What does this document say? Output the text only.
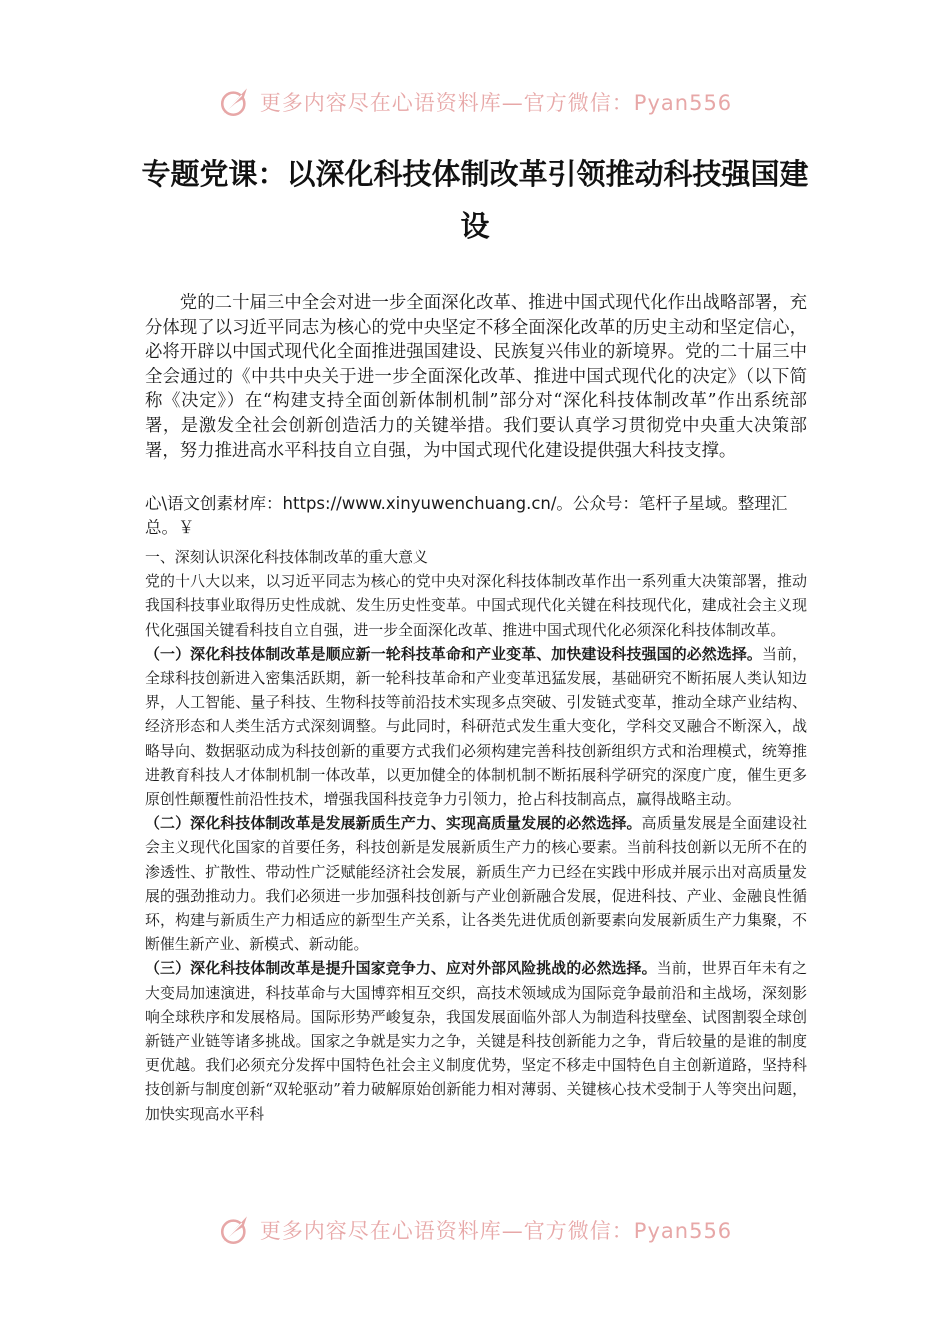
更多内容尽在心语资料库—官方微信：Pyan556
专题党课：以深化科技体制改革引领推动科技强国建设

党的二十届三中全会对进一步全面深化改革、推进中国式现代化作出战略部署，充分体现了以习近平同志为核心的党中央坚定不移全面深化改革的历史主动和坚定信心，必将开辟以中国式现代化全面推进强国建设、民族复兴伟业的新境界。党的二十届三中全会通过的《中共中央关于进一步全面深化改革、推进中国式现代化的决定》（以下简称《决定》）在“构建支持全面创新体制机制”部分对“深化科技体制改革”作出系统部署，是激发全社会创新创造活力的关键举措。我们要认真学习贯彻党中央重大决策部署，努力推进高水平科技自立自强，为中国式现代化建设提供强大科技支撑。

心\语文创素材库：https://www.xinyuwenchuang.cn/。公众号：笔杆子星域。整理汇总。￥

一、深刻认识深化科技体制改革的重大意义

党的十八大以来，以习近平同志为核心的党中央对深化科技体制改革作出一系列重大决策部署，推动我国科技事业取得历史性成就、发生历史性变革。中国式现代化关键在科技现代化，建成社会主义现代化强国关键看科技自立自强，进一步全面深化改革、推进中国式现代化必须深化科技体制改革。

（一）深化科技体制改革是顺应新一轮科技革命和产业变革、加快建设科技强国的必然选择。当前，全球科技创新进入密集活跃期，新一轮科技革命和产业变革迅猛发展，基础研究不断拓展人类认知边界，人工智能、量子科技、生物科技等前沿技术实现多点突破、引发链式变革，推动全球产业结构、经济形态和人类生活方式深刻调整。与此同时，科研范式发生重大变化，学科交叉融合不断深入，战略导向、数据驱动成为科技创新的重要方式我们必须构建完善科技创新组织方式和治理模式，统筹推进教育科技人才体制机制一体改革，以更加健全的体制机制不断拓展科学研究的深度广度，催生更多原创性颠覆性前沿性技术，增强我国科技竞争力引领力，抢占科技制高点，赢得战略主动。

（二）深化科技体制改革是发展新质生产力、实现高质量发展的必然选择。高质量发展是全面建设社会主义现代化国家的首要任务，科技创新是发展新质生产力的核心要素。当前科技创新以无所不在的渗透性、扩散性、带动性广泛赋能经济社会发展，新质生产力已经在实践中形成并展示出对高质量发展的强劲推动力。我们必须进一步加强科技创新与产业创新融合发展，促进科技、产业、金融良性循环，构建与新质生产力相适应的新型生产关系，让各类先进优质创新要素向发展新质生产力集聚，不断催生新产业、新模式、新动能。

（三）深化科技体制改革是提升国家竞争力、应对外部风险挑战的必然选择。当前，世界百年未有之大变局加速演进，科技革命与大国博弈相互交织，高技术领域成为国际竞争最前沿和主战场，深刻影响全球秩序和发展格局。国际形势严峻复杂，我国发展面临外部人为制造科技壁垒、试图割裂全球创新链产业链等诸多挑战。国家之争就是实力之争，关键是科技创新能力之争，背后较量的是谁的制度更优越。我们必须充分发挥中国特色社会主义制度优势，坚定不移走中国特色自主创新道路，坚持科技创新与制度创新“双轮驱动”着力破解原始创新能力相对薄弱、关键核心技术受制于人等突出问题，加快实现高水平科

更多内容尽在心语资料库—官方微信：Pyan556
